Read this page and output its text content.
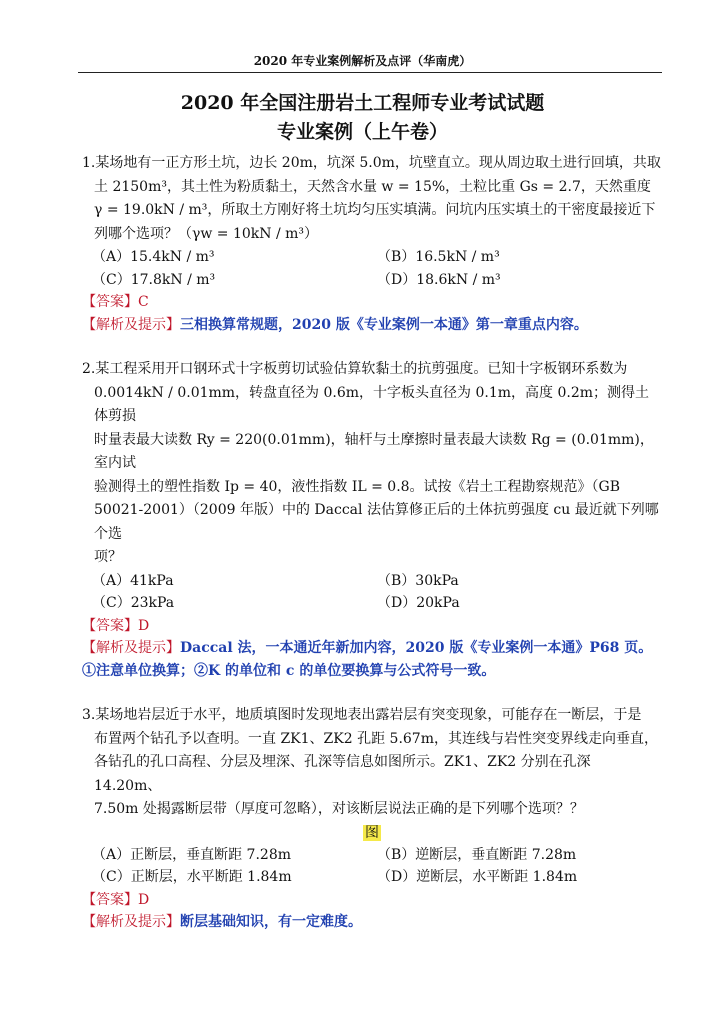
2020 年专业案例解析及点评（华南虎）
2020 年全国注册岩土工程师专业考试试题
专业案例（上午卷）

1.某场地有一正方形土坑，边长 20m，坑深 5.0m，坑壁直立。现从周边取土进行回填，共取

土 2150m³，其土性为粉质黏土，天然含水量 w = 15%，土粒比重 Gs = 2.7，天然重度

γ = 19.0kN / m³，所取土方刚好将土坑均匀压实填满。问坑内压实填土的干密度最接近下

列哪个选项？（γw = 10kN / m³）

（A）15.4kN / m³	（B）16.5kN / m³
（C）17.8kN / m³	（D）18.6kN / m³
【答案】C
【解析及提示】三相换算常规题，2020 版《专业案例一本通》第一章重点内容。

2.某工程采用开口钢环式十字板剪切试验估算软黏土的抗剪强度。已知十字板钢环系数为

0.0014kN / 0.01mm，转盘直径为 0.6m，十字板头直径为 0.1m，高度 0.2m；测得土体剪损

时量表最大读数 Ry = 220(0.01mm)，轴杆与土摩擦时量表最大读数 Rg = (0.01mm)，室内试

验测得土的塑性指数 Ip = 40，液性指数 IL = 0.8。试按《岩土工程勘察规范》（GB

50021-2001）（2009 年版）中的 Daccal 法估算修正后的土体抗剪强度 cu 最近就下列哪个选

项？

（A）41kPa	（B）30kPa
（C）23kPa	（D）20kPa
【答案】D
【解析及提示】Daccal 法，一本通近年新加内容，2020 版《专业案例一本通》P68 页。①注意单位换算；②K 的单位和 c 的单位要换算与公式符号一致。

3.某场地岩层近于水平，地质填图时发现地表出露岩层有突变现象，可能存在一断层，于是

布置两个钻孔予以查明。一直 ZK1、ZK2 孔距 5.67m，其连线与岩性突变界线走向垂直，

各钻孔的孔口高程、分层及埋深、孔深等信息如图所示。ZK1、ZK2 分别在孔深 14.20m、

7.50m 处揭露断层带（厚度可忽略），对该断层说法正确的是下列哪个选项？？

图
（A）正断层，垂直断距 7.28m	（B）逆断层，垂直断距 7.28m
（C）正断层，水平断距 1.84m	（D）逆断层，水平断距 1.84m
【答案】D
【解析及提示】断层基础知识，有一定难度。
